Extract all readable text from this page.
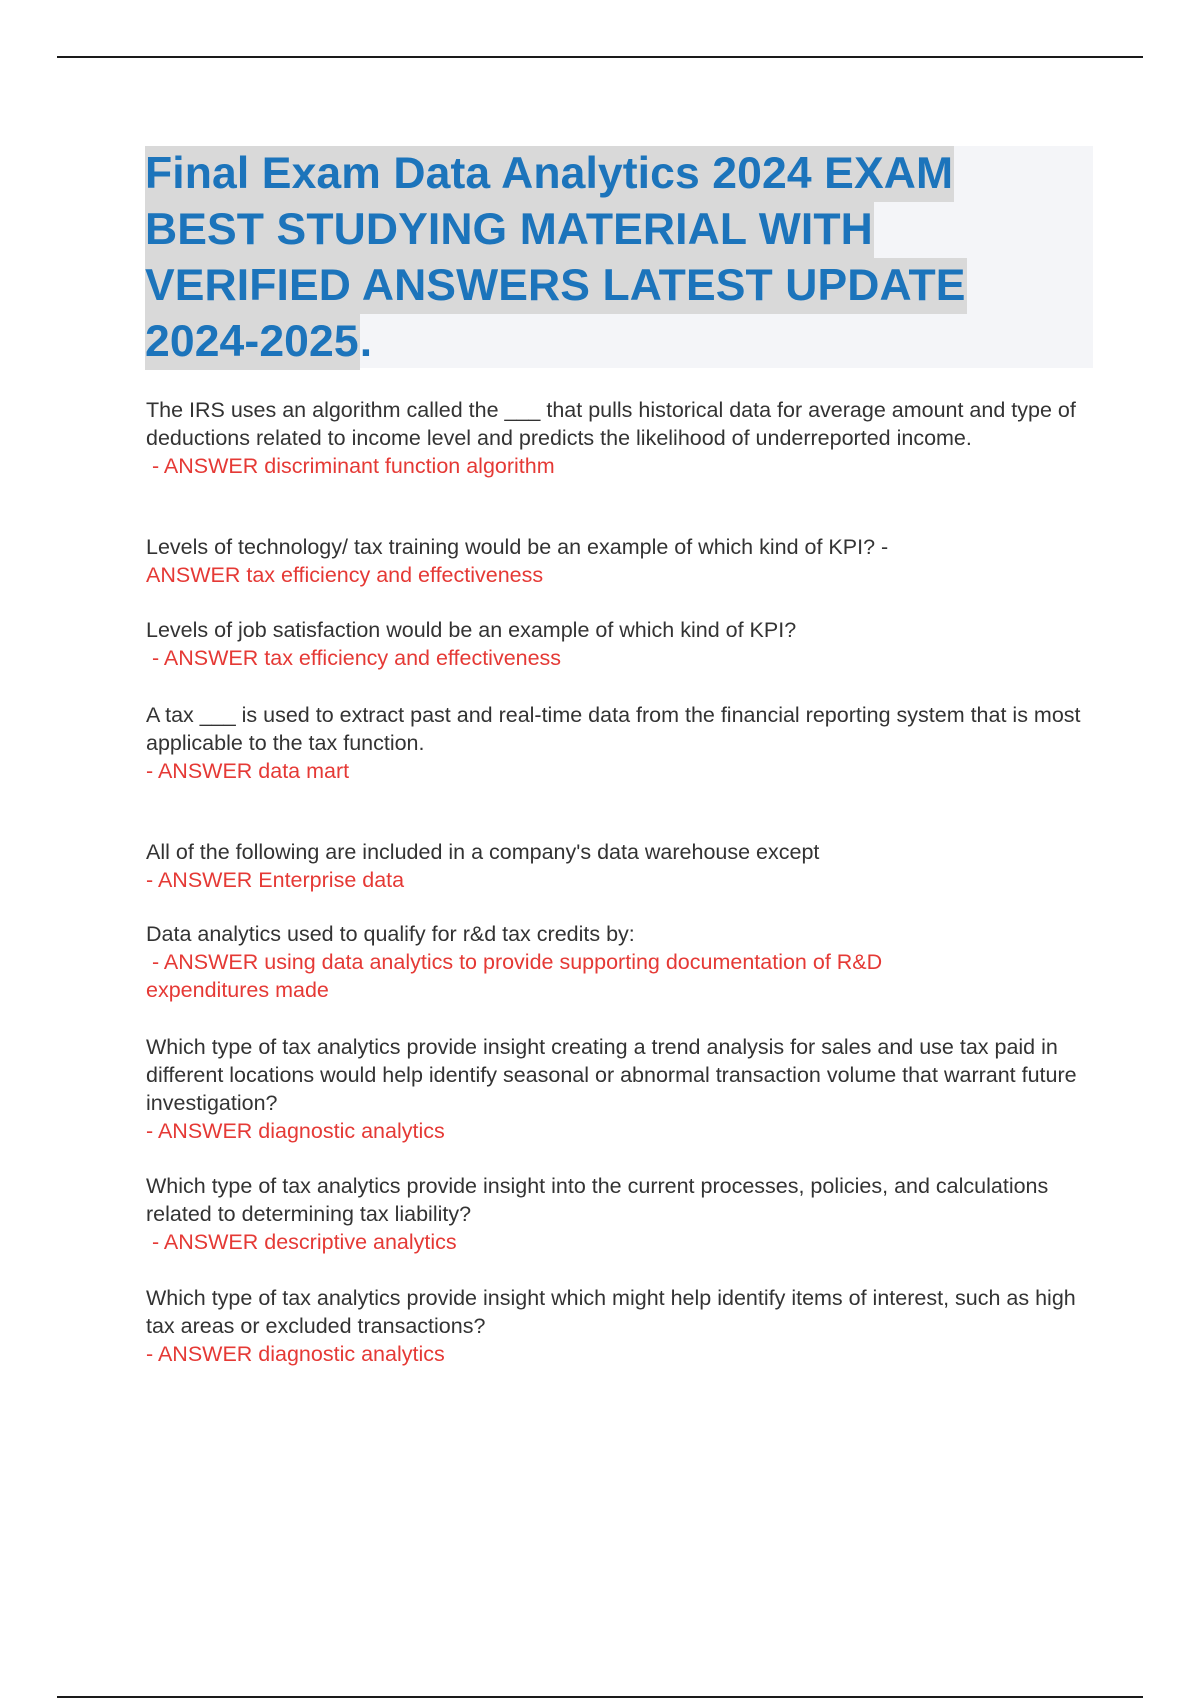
Final Exam Data Analytics 2024 EXAM
BEST STUDYING MATERIAL WITH
VERIFIED ANSWERS LATEST UPDATE
2024-2025.
The IRS uses an algorithm called the ___ that pulls historical data for average amount and type of deductions related to income level and predicts the likelihood of underreported income.
- ANSWER discriminant function algorithm
Levels of technology/ tax training would be an example of which kind of KPI? -
ANSWER tax efficiency and effectiveness
Levels of job satisfaction would be an example of which kind of KPI?
- ANSWER tax efficiency and effectiveness
A tax ___ is used to extract past and real-time data from the financial reporting system that is most applicable to the tax function.
- ANSWER data mart
All of the following are included in a company's data warehouse except
- ANSWER Enterprise data
Data analytics used to qualify for r&d tax credits by:
- ANSWER using data analytics to provide supporting documentation of R&D expenditures made
Which type of tax analytics provide insight creating a trend analysis for sales and use tax paid in different locations would help identify seasonal or abnormal transaction volume that warrant future investigation?
- ANSWER diagnostic analytics
Which type of tax analytics provide insight into the current processes, policies, and calculations related to determining tax liability?
- ANSWER descriptive analytics
Which type of tax analytics provide insight which might help identify items of interest, such as high tax areas or excluded transactions?
- ANSWER diagnostic analytics
